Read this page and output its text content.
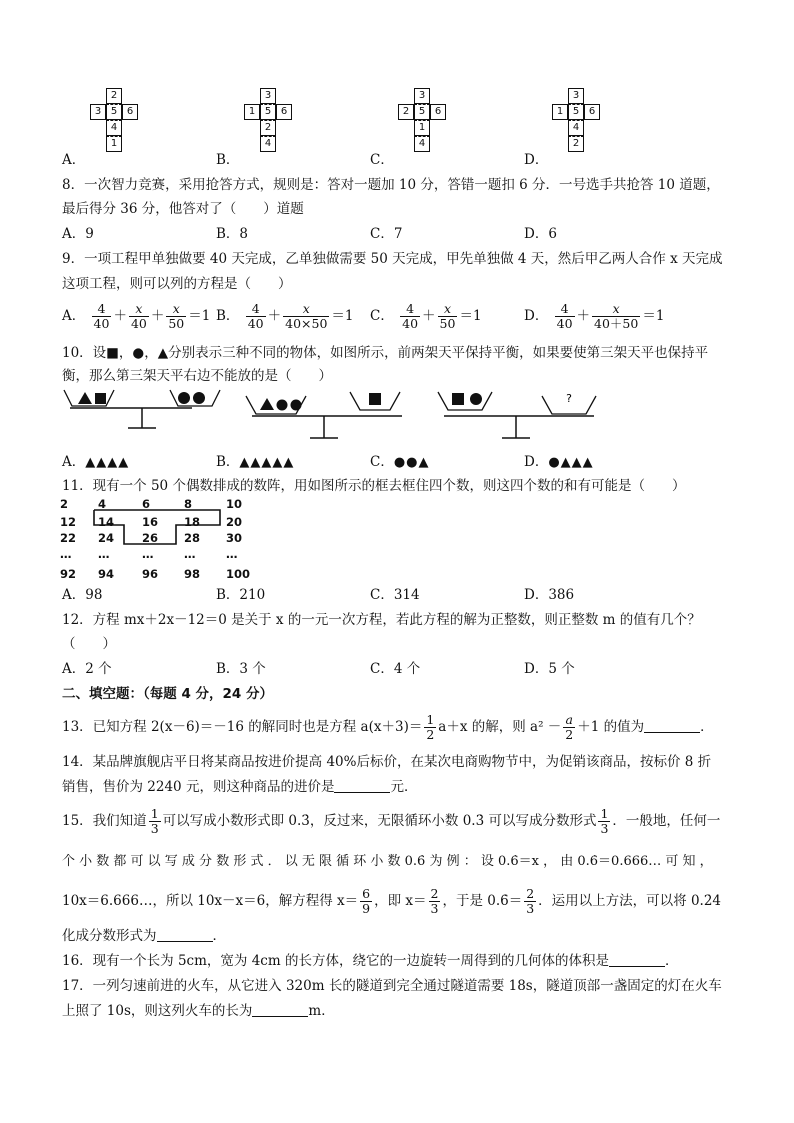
2
3 5 6
4
1
A．
3
1 5 6
2
4
B．
3
2 5 6
1
4
C．
3
1 5 6
4
2
D．
8．一次智力竞赛，采用抢答方式，规则是：答对一题加 10 分，答错一题扣 6 分．一号选手共抢答 10 道题，
最后得分 36 分，他答对了（　　）道题
A．9	B．8	C．7	D．6
9．一项工程甲单独做要 40 天完成，乙单独做需要 50 天完成，甲先单独做 4 天，然后甲乙两人合作 x 天完成
这项工程，则可以列的方程是（　　）
A． $\frac{4}{40} + \frac{x}{40} + \frac{x}{50} =1$ B． $\frac{4}{40} + \frac{x}{40\times 50} =1$ C． $\frac{4}{40} + \frac{x}{50} =1$	D． $\frac{4}{40} + \frac{x}{40+50} =1$
10．设■，●，▲分别表示三种不同的物体，如图所示，前两架天平保持平衡，如果要使第三架天平也保持平
衡，那么第三架天平右边不能放的是（　　）
?
A．▲▲▲▲	B．▲▲▲▲▲	C．●●▲	D．●▲▲▲
11．现有一个 50 个偶数排成的数阵，用如图所示的框去框住四个数，则这四个数的和有可能是（　　）
2	4	6	8	10
12 14 16 18 20
22 24 26 28 30
… …	…	…	…
92 94 96 98 100
A．98	B．210	C．314	D．386
12．方程 mx＋2x－12＝0 是关于 x 的一元一次方程，若此方程的解为正整数，则正整数 m 的值有几个？
（　　）
A．2 个	B．3 个	C．4 个	D．5 个
二、填空题：（每题 4 分，24 分）
13．已知方程 2(x－6)＝－16 的解同时也是方程 $a(x+3)= \frac{1}{2} a+x$ 的解，则 $a^2 - \frac{a}{2} +1$ 的值为	．
14．某品牌旗舰店平日将某商品按进价提高 40%后标价，在某次电商购物节中，为促销该商品，按标价 8 折
销售，售价为 2240 元，则这种商品的进价是	元．
15．我们知道 $\frac{1}{3}$ 可以写成小数形式即 0.3̇，反过来，无限循环小数 0.3̇ 可以写成分数形式 $\frac{1}{3}$ ．一般地，任何一
个 小 数 都 可 以 写 成 分 数 形 式 ． 以 无 限 循 环 小 数 0.6̇ 为 例 ： 设 0.6̇＝x ， 由 0.6̇＝0.666… 可 知 ，
10x＝6.666…，所以 10x－x＝6，解方程得 $x= \frac{6}{9}$ ，即 $x= \frac{2}{3}$ ，于是 0.6̇＝ $\frac{2}{3}$ ．运用以上方法，可以将 0.2̇4̇
化成分数形式为	．
16．现有一个长为 5cm，宽为 4cm 的长方体，绕它的一边旋转一周得到的几何体的体积是	．
17．一列匀速前进的火车，从它进入 320m 长的隧道到完全通过隧道需要 18s，隧道顶部一盏固定的灯在火车
上照了 10s，则这列火车的长为	m．
